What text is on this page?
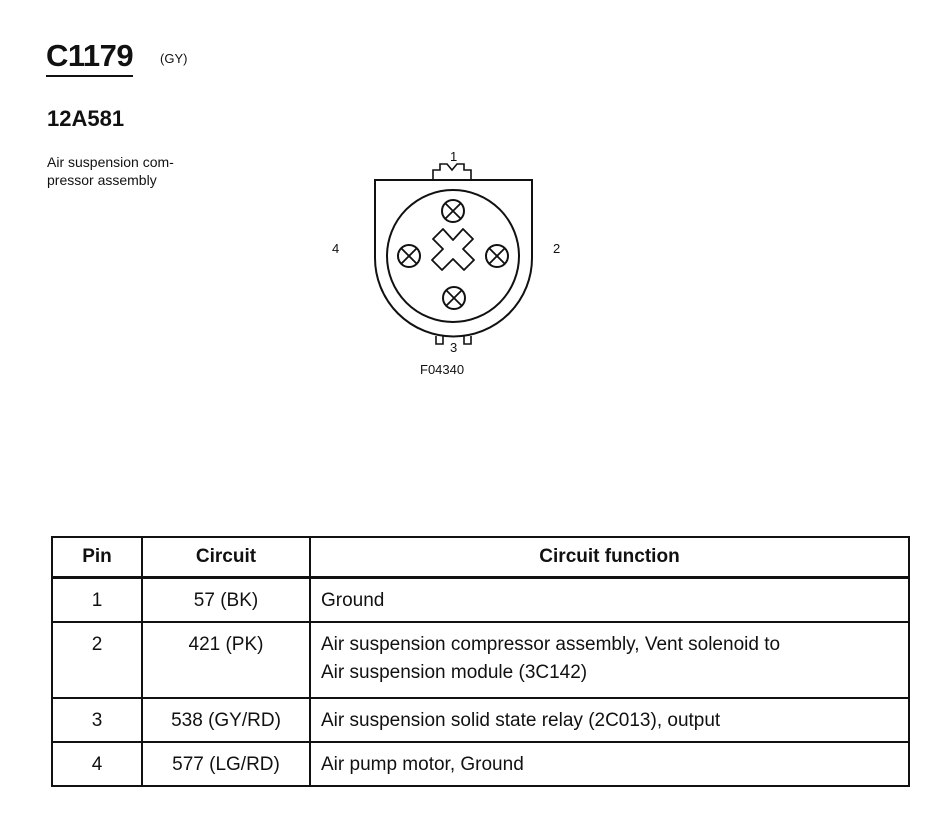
C1179 (GY)
12A581
Air suspension com-
pressor assembly
1
2
3
4
F04340
Pin	Circuit	Circuit function
1	57 (BK)	Ground

2	421 (PK)	Air suspension compressor assembly, Vent solenoid to
Air suspension module (3C142)

3	538 (GY/RD)	Air suspension solid state relay (2C013), output

4	577 (LG/RD)	Air pump motor, Ground
